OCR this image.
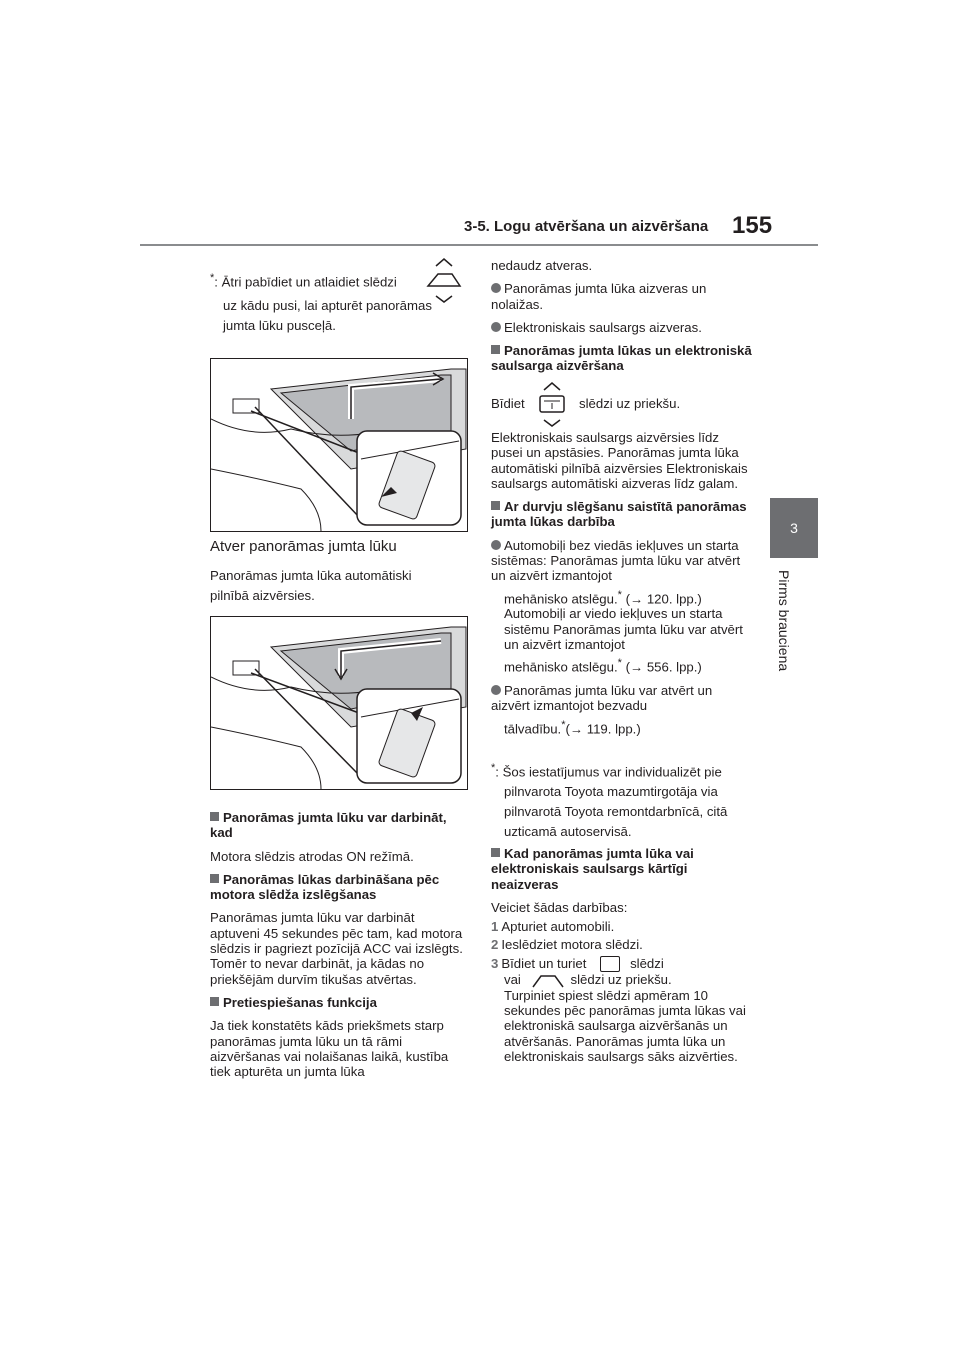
3-5. Logu atvēršana un aizvēršana 155
3
Pirms brauciena
*: Ātri pabīdiet un atlaidiet slēdzi
uz kādu pusi, lai apturēt panorāmas
jumta lūku pusceļā.
Atver panorāmas jumta lūku
Panorāmas jumta lūka automātiski
pilnībā aizvērsies.

Panorāmas jumta lūku var darbināt, kad

Motora slēdzis atrodas ON režīmā.

Panorāmas lūkas darbināšana pēc motora slēdža izslēgšanas

Panorāmas jumta lūku var darbināt aptuveni 45 sekundes pēc tam, kad motora slēdzis ir pagriezt pozīcijā ACC vai izslēgts. Tomēr to nevar darbināt, ja kādas no priekšējām durvīm tikušas atvērtas.

Pretiespiešanas funkcija

Ja tiek konstatēts kāds priekšmets starp panorāmas jumta lūku un tā rāmi aizvēršanas vai nolaišanas laikā, kustība tiek apturēta un jumta lūka

nedaudz atveras.

Panorāmas jumta lūka aizveras un nolaižas.

Elektroniskais saulsargs aizveras.

Panorāmas jumta lūkas un elektroniskā saulsarga aizvēršana

Bīdiet	slēdzi uz priekšu.

Elektroniskais saulsargs aizvērsies līdz pusei un apstāsies. Panorāmas jumta lūka automātiski pilnībā aizvērsies Elektroniskais saulsargs automātiski aizveras līdz galam.

Ar durvju slēgšanu saistītā panorāmas jumta lūkas darbība

Automobiļi bez viedās iekļuves un starta sistēmas: Panorāmas jumta lūku var atvērt un aizvērt izmantojot

mehānisko atslēgu.* (→ 120. lpp.)

Automobiļi ar viedo iekļuves un starta sistēmu Panorāmas jumta lūku var atvērt un aizvērt izmantojot

mehānisko atslēgu.* (→ 556. lpp.)

Panorāmas jumta lūku var atvērt un aizvērt izmantojot bezvadu

tālvadību.*(→ 119. lpp.)

*: Šos iestatījumus var individualizēt pie
pilnvarota Toyota mazumtirgotāja via
pilnvarotā Toyota remontdarbnīcā, citā
uzticamā autoservisā.

Kad panorāmas jumta lūka vai elektroniskais saulsargs kārtīgi neaizveras

Veiciet šādas darbības:

1 Apturiet automobili.

2 Ieslēdziet motora slēdzi.

3 Bīdiet un turiet	slēdzi

vai	slēdzi uz priekšu.

Turpiniet spiest slēdzi apmēram 10 sekundes pēc panorāmas jumta lūkas vai elektroniskā saulsarga aizvēršanās un atvēršanās. Panorāmas jumta lūka un elektroniskais saulsargs sāks aizvērties.
